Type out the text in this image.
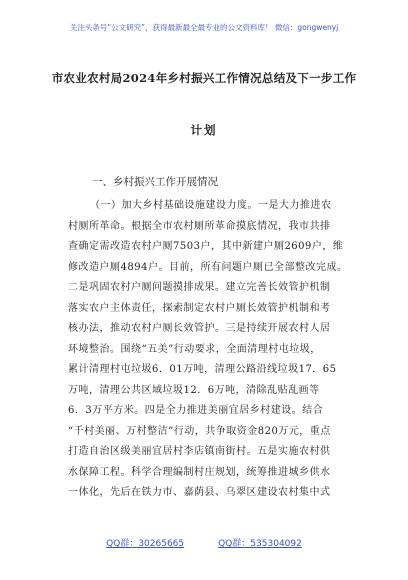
关注头条号“公文研究”，获得最新最全最专业的公文资料库！ 微信：gongwenyj
市农业农村局2024年乡村振兴工作情况总结及下一步工作
计划
一、乡村振兴工作开展情况
（一）加大乡村基础设施建设力度。一是大力推进农
村厕所革命。根据全市农村厕所革命摸底情况，我市共排
查确定需改造农村户厕7503户，其中新建户厕2609户，维
修改造户厕4894户。目前，所有问题户厕已全部整改完成。
二是巩固农村户厕问题摸排成果。建立完善长效管护机制
落实农户主体责任，探索制定农村户厕长效管护机制和考
核办法，推动农村户厕长效管护。三是持续开展农村人居
环境整治。围绕“五美”行动要求，全面清理村屯垃圾，
累计清理村屯垃圾6．01万吨，清理公路沿线垃圾17．65
万吨，清理公共区域垃圾12．6万吨，清除乱贴乱画等
6．3万平方米。四是全力推进美丽宜居乡村建设。结合
“千村美丽、万村整洁”行动，共争取资金820万元，重点
打造自治区级美丽宜居村李店镇南街村。五是实施农村供
水保障工程。科学合理编制村庄规划，统筹推进城乡供水
一体化，先后在铁力市、嘉荫县、乌翠区建设农村集中式
QQ群：30265665	QQ群：535304092
